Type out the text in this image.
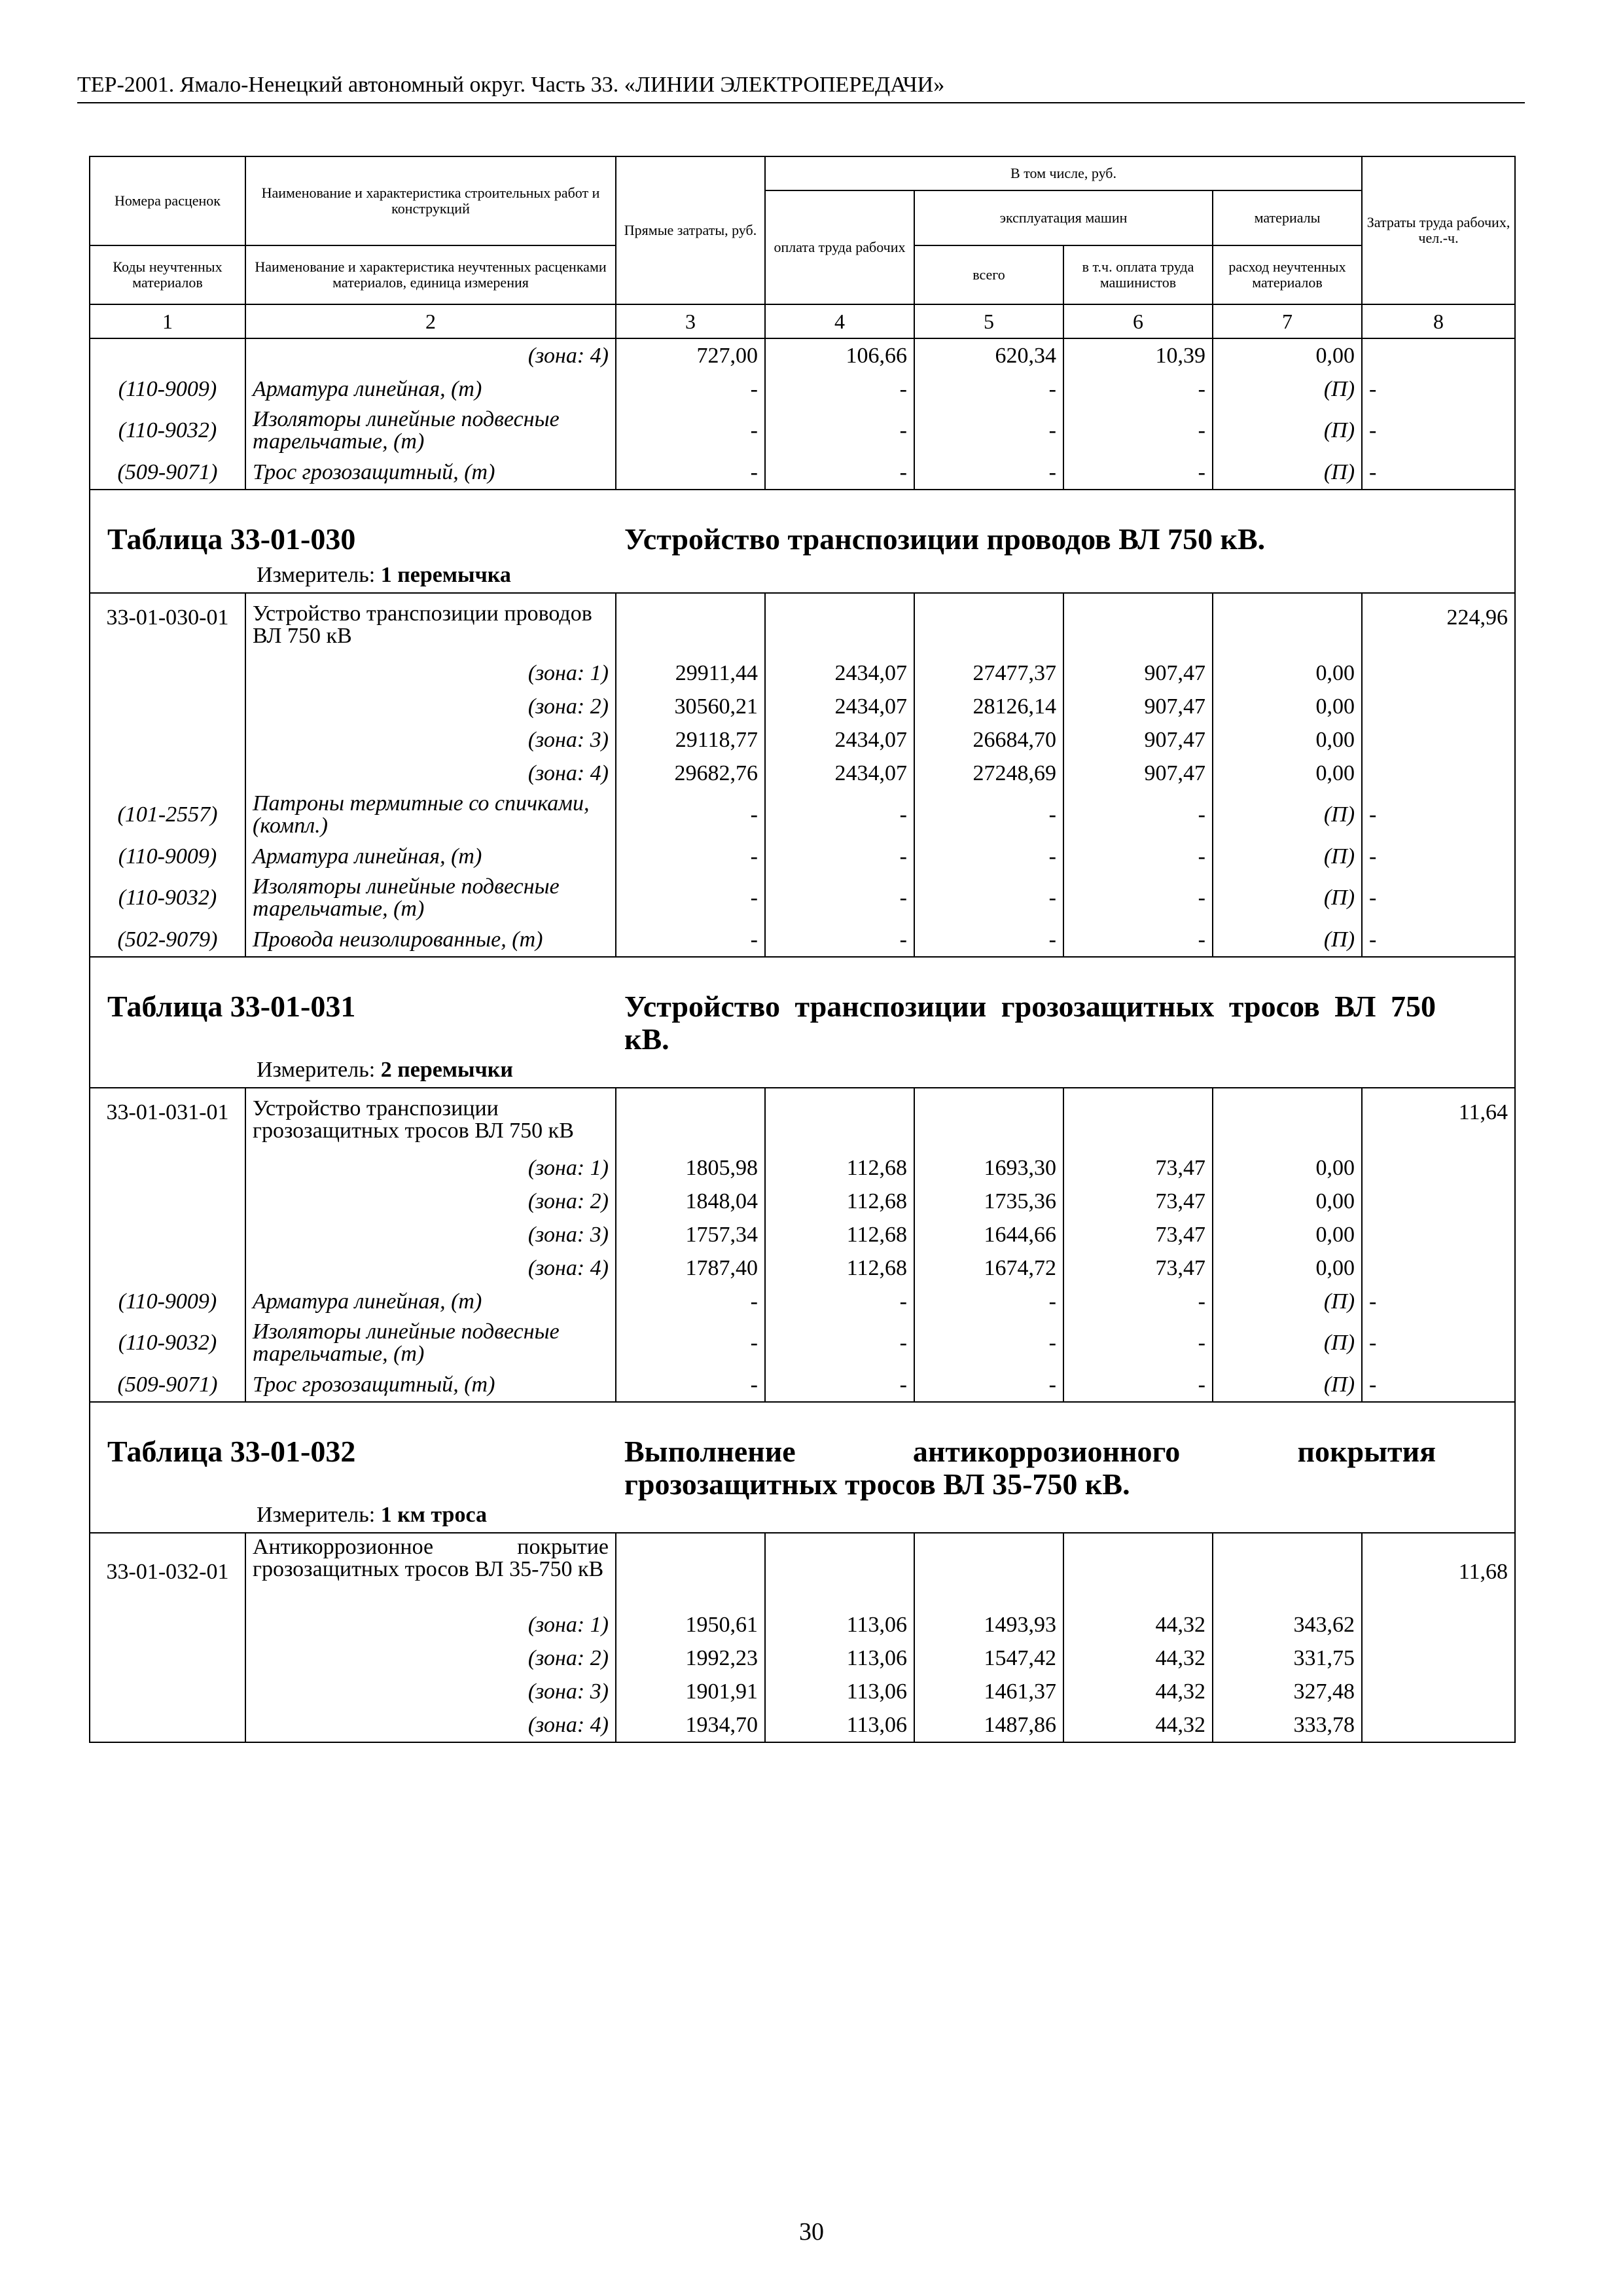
ТЕР-2001. Ямало-Ненецкий автономный округ. Часть 33. «ЛИНИИ ЭЛЕКТРОПЕРЕДАЧИ»
Номера расценок	Наименование и характеристика строительных работ и конструкций	Прямые затраты, руб.	В том числе, руб.				Затраты труда рабочих, чел.-ч.
			оплата труда рабочих	эксплуатация машин		материалы	

Коды неучтенных материалов	Наименование и характеристика неучтенных расценками материалов, единица измерения			всего	в т.ч. оплата труда машинистов	расход неучтенных материалов	

1	2	3	4	5	6	7	8
	(зона: 4)	727,00	106,66	620,34	10,39	0,00	
(110-9009)	Арматура линейная, (т)	-	-	-	-	(П)	-
(110-9032)	Изоляторы линейные подвесные тарельчатые, (т)	-	-	-	-	(П)	-
(509-9071)	Трос грозозащитный, (т)	-	-	-	-	(П)	-

Таблица 33-01-030 Устройство транспозиции проводов ВЛ 750 кВ.							

Измеритель: 1 перемычка							

33-01-030-01	Устройство транспозиции проводов ВЛ 750 кВ						224,96
	(зона: 1)	29911,44	2434,07	27477,37	907,47	0,00	
	(зона: 2)	30560,21	2434,07	28126,14	907,47	0,00	
	(зона: 3)	29118,77	2434,07	26684,70	907,47	0,00	
	(зона: 4)	29682,76	2434,07	27248,69	907,47	0,00	
(101-2557)	Патроны термитные со спичками, (компл.)	-	-	-	-	(П)	-
(110-9009)	Арматура линейная, (т)	-	-	-	-	(П)	-
(110-9032)	Изоляторы линейные подвесные тарельчатые, (т)	-	-	-	-	(П)	-
(502-9079)	Провода неизолированные, (т)	-	-	-	-	(П)	-

Таблица 33-01-031 Устройство транспозиции грозозащитных тросов ВЛ 750 кВ.							

Измеритель: 2 перемычки							

33-01-031-01	Устройство транспозиции грозозащитных тросов ВЛ 750 кВ						11,64
	(зона: 1)	1805,98	112,68	1693,30	73,47	0,00	
	(зона: 2)	1848,04	112,68	1735,36	73,47	0,00	
	(зона: 3)	1757,34	112,68	1644,66	73,47	0,00	
	(зона: 4)	1787,40	112,68	1674,72	73,47	0,00	
(110-9009)	Арматура линейная, (т)	-	-	-	-	(П)	-
(110-9032)	Изоляторы линейные подвесные тарельчатые, (т)	-	-	-	-	(П)	-
(509-9071)	Трос грозозащитный, (т)	-	-	-	-	(П)	-

Таблица 33-01-032 Выполнение антикоррозионного покрытия грозозащитных тросов ВЛ 35-750 кВ.							

Измеритель: 1 км троса							

33-01-032-01	Антикоррозионное покрытие грозозащитных тросов ВЛ 35-750 кВ						11,68
	(зона: 1)	1950,61	113,06	1493,93	44,32	343,62	
	(зона: 2)	1992,23	113,06	1547,42	44,32	331,75	
	(зона: 3)	1901,91	113,06	1461,37	44,32	327,48	
	(зона: 4)	1934,70	113,06	1487,86	44,32	333,78	
30
